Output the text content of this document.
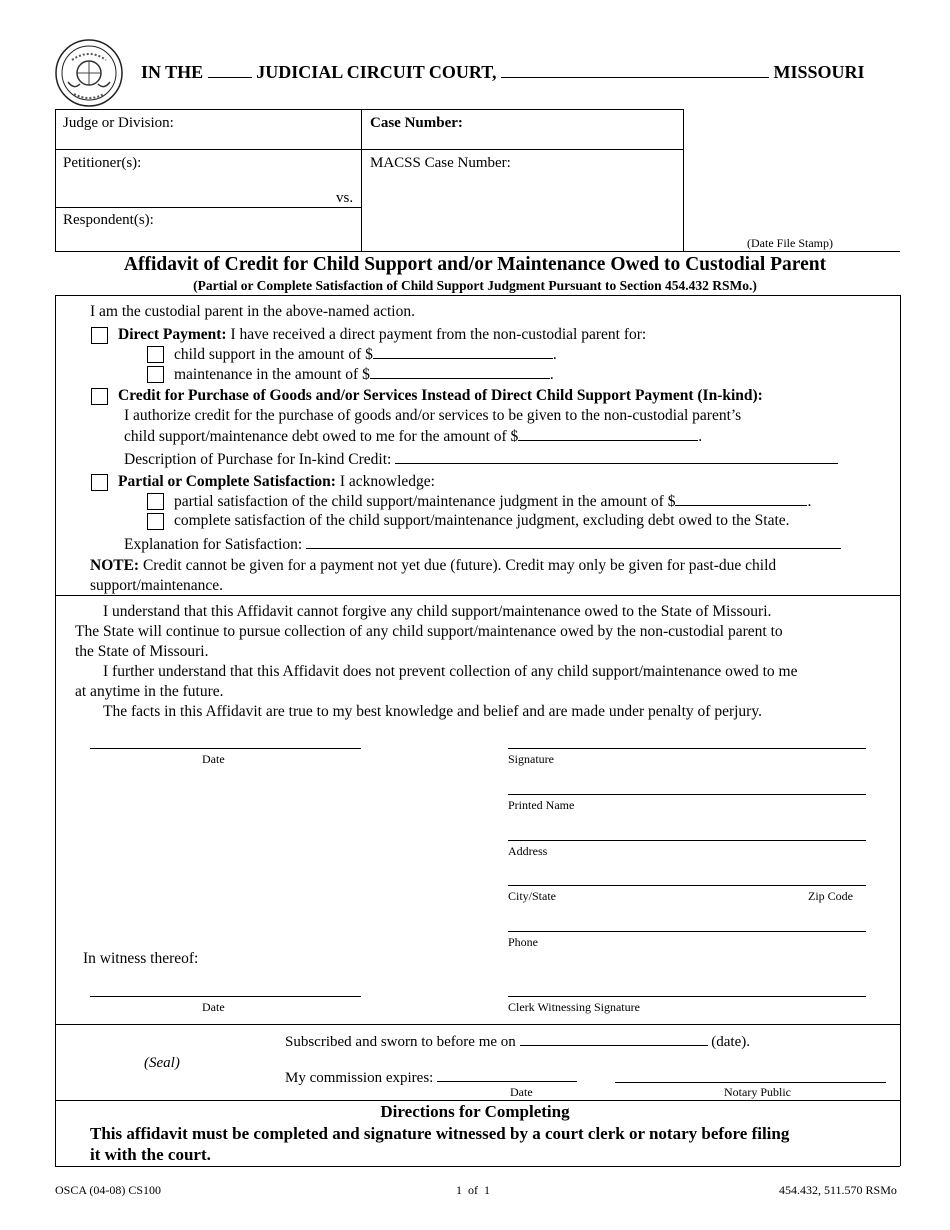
IN THE	JUDICIAL CIRCUIT COURT,	MISSOURI
Judge or Division:
Petitioner(s):
vs.
Respondent(s):
Case Number:
MACSS Case Number:
(Date File Stamp)
Affidavit of Credit for Child Support and/or Maintenance Owed to Custodial Parent
(Partial or Complete Satisfaction of Child Support Judgment Pursuant to Section 454.432 RSMo.)
I am the custodial parent in the above-named action.
Direct Payment: I have received a direct payment from the non-custodial parent for:
child support in the amount of $	.
maintenance in the amount of $	.
Credit for Purchase of Goods and/or Services Instead of Direct Child Support Payment (In-kind):
I authorize credit for the purchase of goods and/or services to be given to the non-custodial parent’s
child support/maintenance debt owed to me for the amount of $	.
Description of Purchase for In-kind Credit:
Partial or Complete Satisfaction: I acknowledge:
partial satisfaction of the child support/maintenance judgment in the amount of $	.
complete satisfaction of the child support/maintenance judgment, excluding debt owed to the State.
Explanation for Satisfaction:
NOTE: Credit cannot be given for a payment not yet due (future). Credit may only be given for past-due child
support/maintenance.
I understand that this Affidavit cannot forgive any child support/maintenance owed to the State of Missouri.
The State will continue to pursue collection of any child support/maintenance owed by the non-custodial parent to
the State of Missouri.
I further understand that this Affidavit does not prevent collection of any child support/maintenance owed to me
at anytime in the future.
The facts in this Affidavit are true to my best knowledge and belief and are made under penalty of perjury.
Date	Signature
Printed Name
Address
City/State	Zip Code
Phone
In witness thereof:
Date	Clerk Witnessing Signature
Subscribed and sworn to before me on	(date).
(Seal)
My commission expires:
Date	Notary Public
Directions for Completing
This affidavit must be completed and signature witnessed by a court clerk or notary before filing
it with the court.
OSCA (04-08) CS100	1  of  1	454.432, 511.570 RSMo
